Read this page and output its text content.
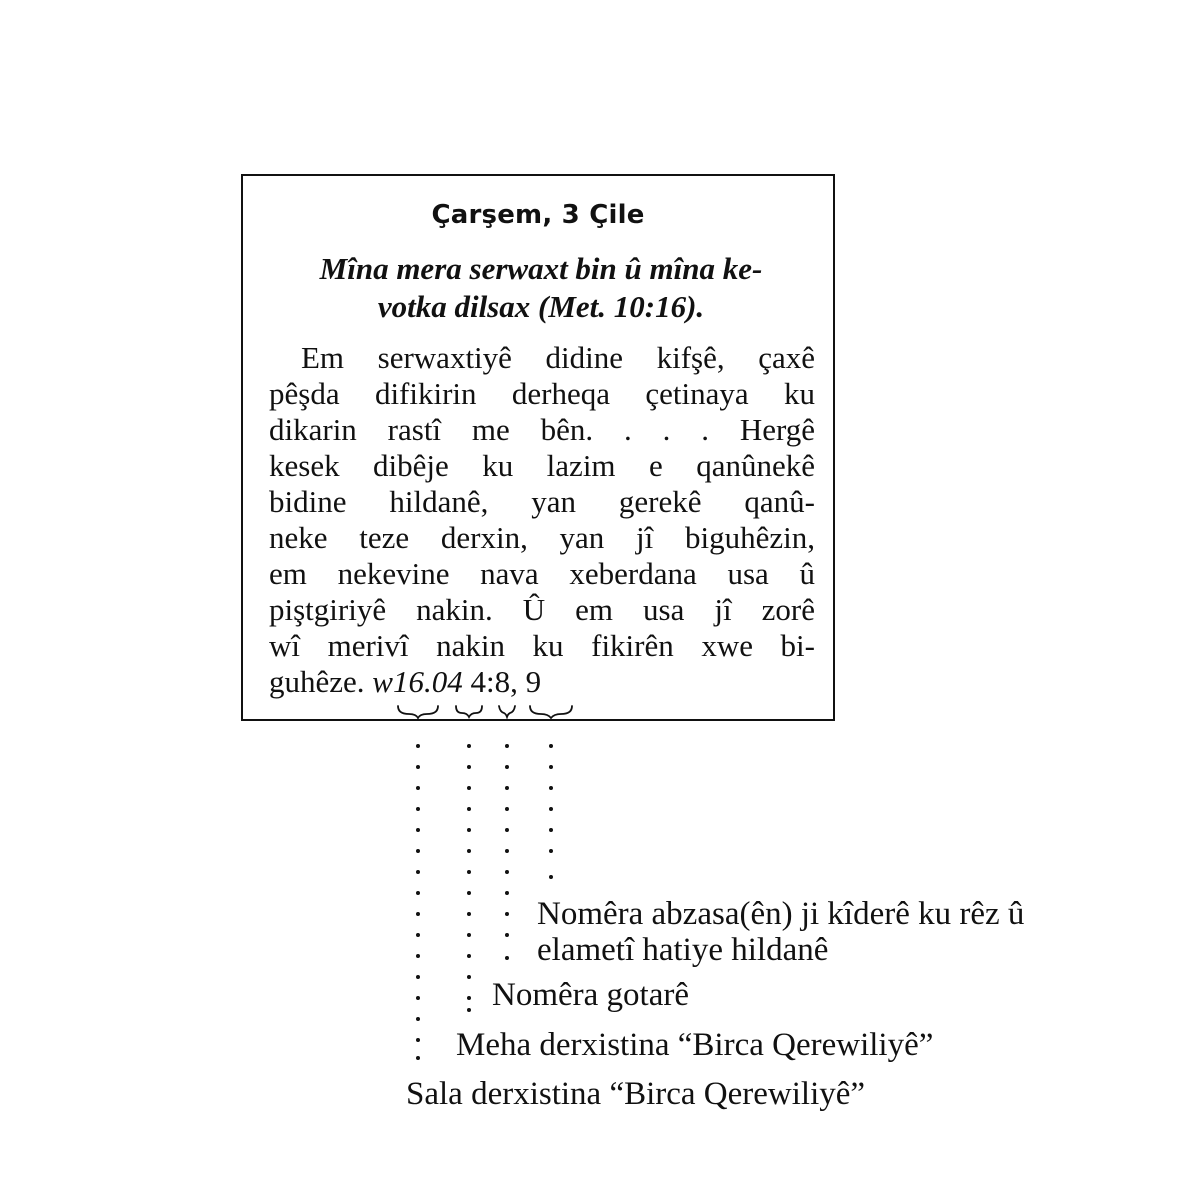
Çarşem, 3 Çile
Mîna mera serwaxt bin û mîna ke-
votka dilsax (Met. 10:16).
Em serwaxtiyê didine kifşê, çaxê
pêşda difikirin derheqa çetinaya ku
dikarin rastî me bên. . . . Hergê
kesek dibêje ku lazim e qanûnekê
bidine hildanê, yan gerekê qanû-
neke teze derxin, yan jî biguhêzin,
em nekevine nava xeberdana usa û
piştgiriyê nakin. Û em usa jî zorê
wî merivî nakin ku fikirên xwe bi-
guhêze. w16.04 4:8, 9
Nomêra abzasa(ên) ji kîderê ku rêz û
elametî hatiye hildanê
Nomêra gotarê
Meha derxistina “Birca Qerewiliyê”
Sala derxistina “Birca Qerewiliyê”
